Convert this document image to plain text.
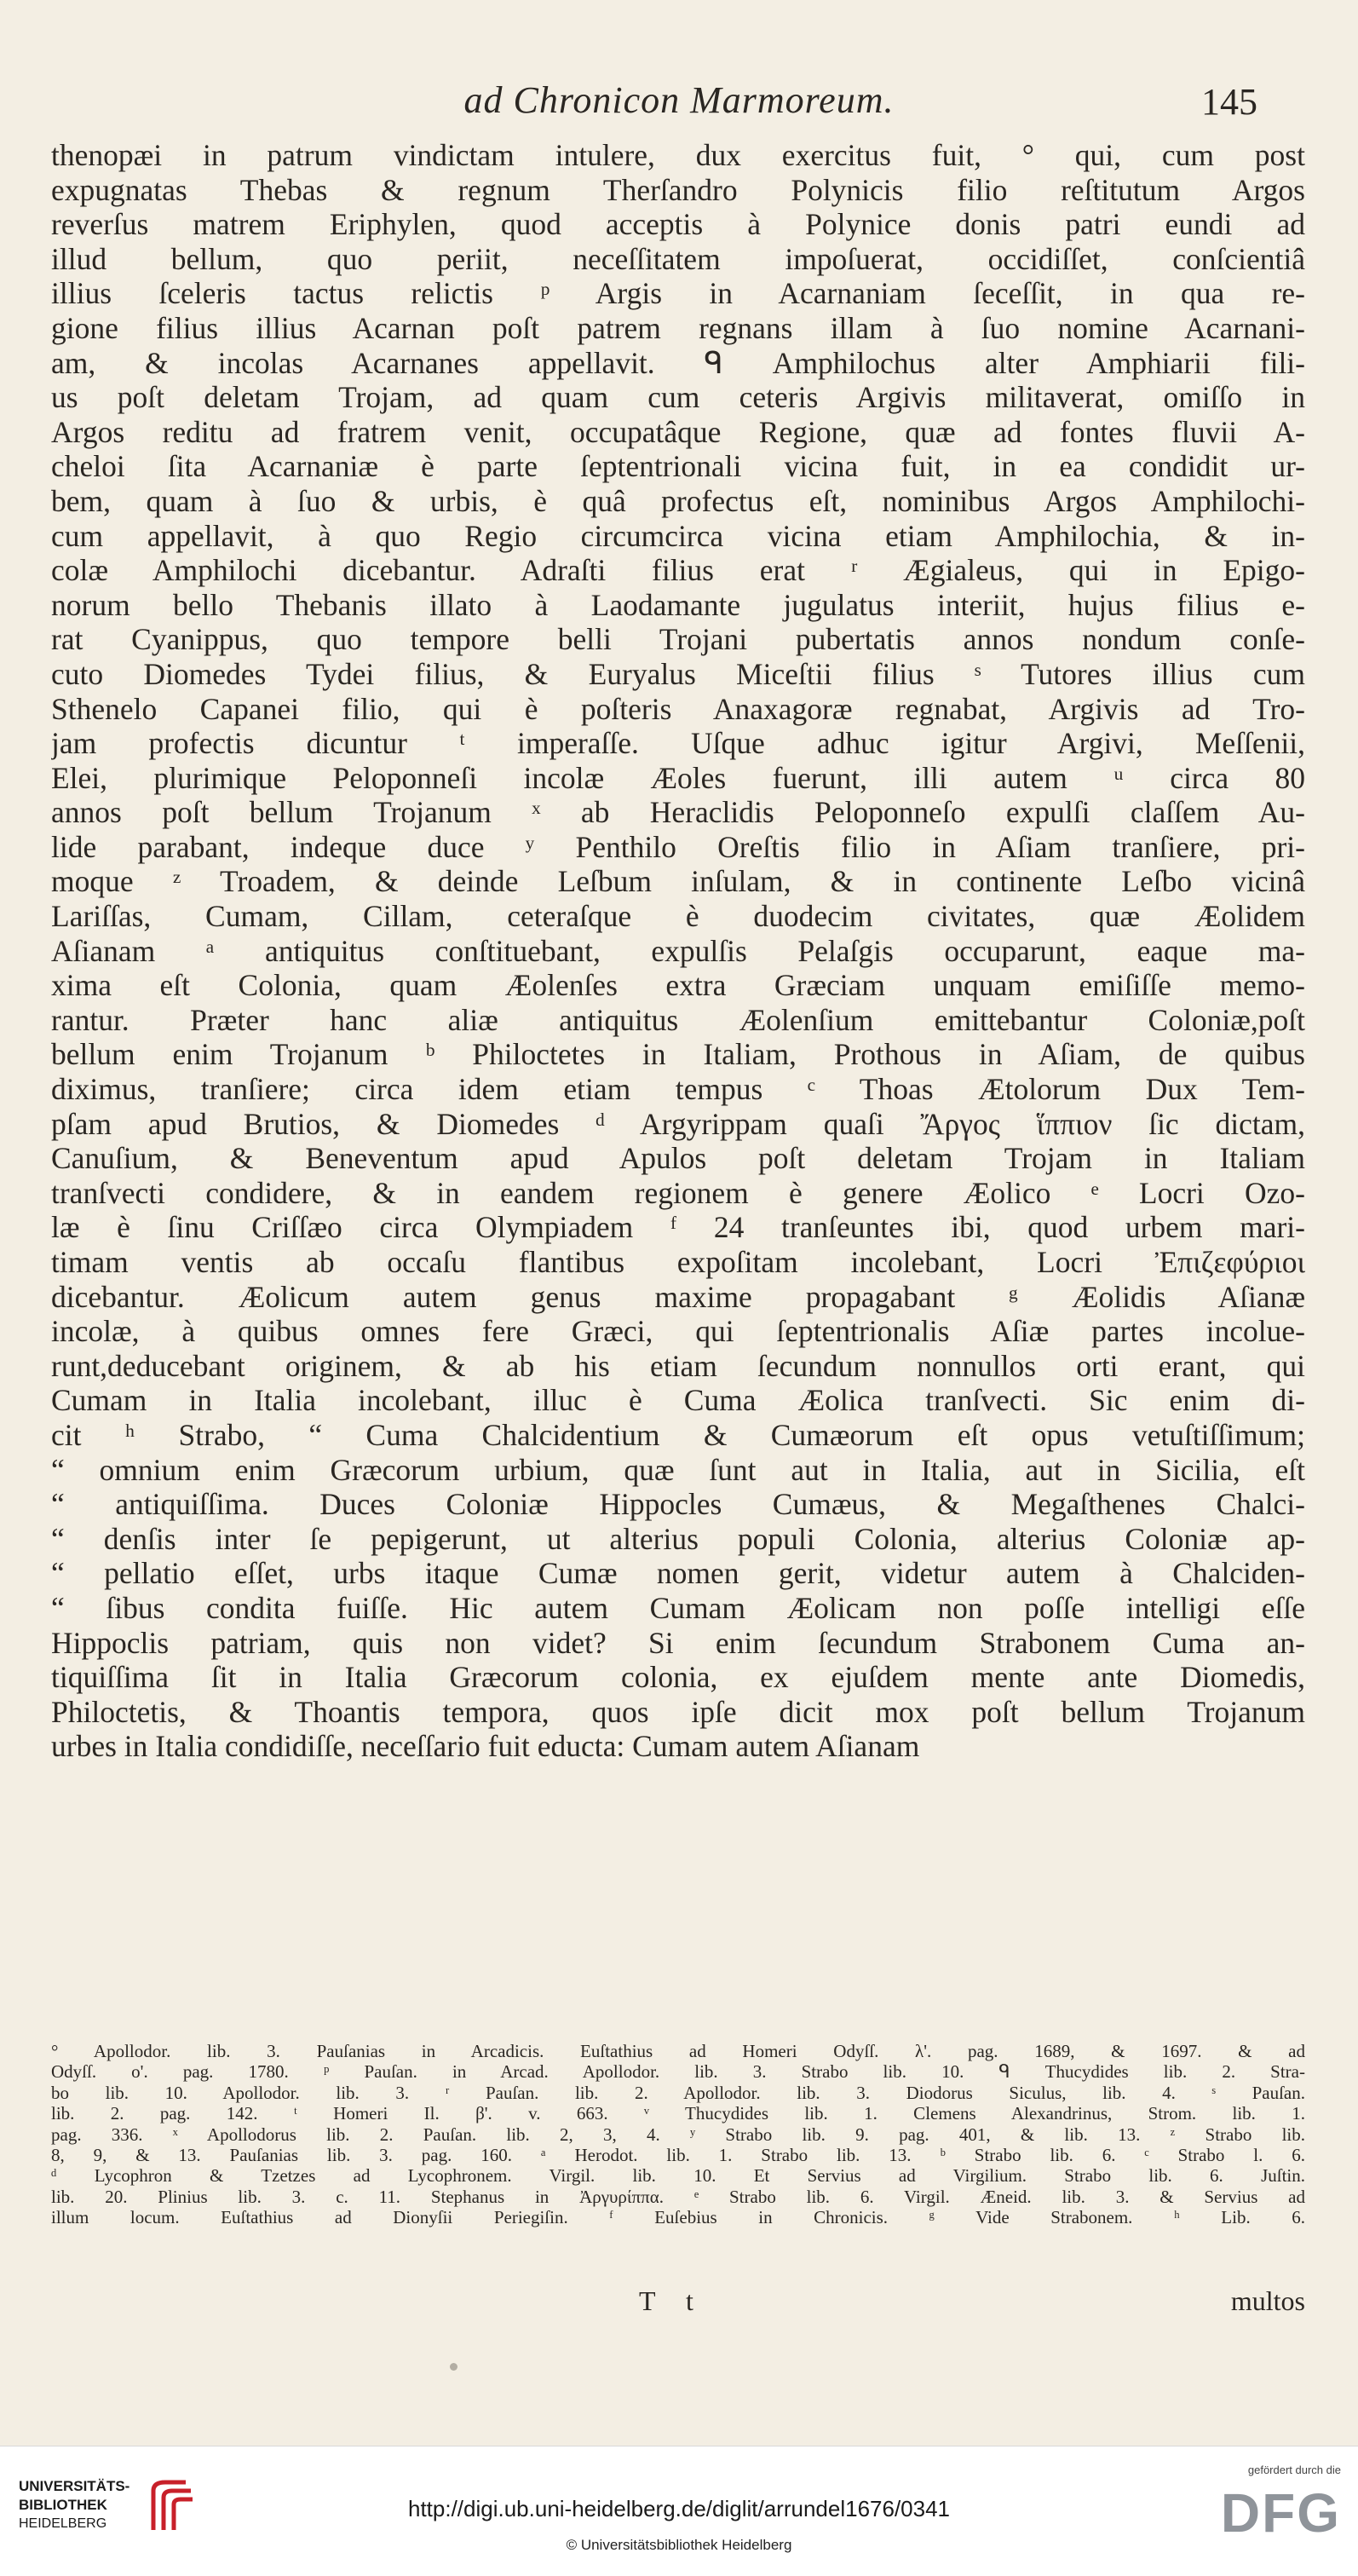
ad Chronicon Marmoreum.	145
thenopæi in patrum vindictam intulere, dux exercitus fuit, ° qui, cum post
expugnatas Thebas & regnum Therſandro Polynicis filio reſtitutum Argos
reverſus matrem Eriphylen, quod acceptis à Polynice donis patri eundi ad
illud bellum, quo periit, neceſſitatem impoſuerat, occidiſſet, conſcientiâ
illius ſceleris tactus relictis ᵖ Argis in Acarnaniam ſeceſſit, in qua re-
gione filius illius Acarnan poſt patrem regnans illam à ſuo nomine Acarnani-
am, & incolas Acarnanes appellavit. ᑫ Amphilochus alter Amphiarii fili-
us poſt deletam Trojam, ad quam cum ceteris Argivis militaverat, omiſſo in
Argos reditu ad fratrem venit, occupatâque Regione, quæ ad fontes fluvii A-
cheloi ſita Acarnaniæ è parte ſeptentrionali vicina fuit, in ea condidit ur-
bem, quam à ſuo & urbis, è quâ profectus eſt, nominibus Argos Amphilochi-
cum appellavit, à quo Regio circumcirca vicina etiam Amphilochia, & in-
colæ Amphilochi dicebantur. Adraſti filius erat ʳ Ægialeus, qui in Epigo-
norum bello Thebanis illato à Laodamante jugulatus interiit, hujus filius e-
rat Cyanippus, quo tempore belli Trojani pubertatis annos nondum conſe-
cuto Diomedes Tydei filius, & Euryalus Miceſtii filius ˢ Tutores illius cum
Sthenelo Capanei filio, qui è poſteris Anaxagoræ regnabat, Argivis ad Tro-
jam profectis dicuntur ᵗ imperaſſe. Uſque adhuc igitur Argivi, Meſſenii,
Elei, plurimique Peloponneſi incolæ Æoles fuerunt, illi autem ᵘ circa 80
annos poſt bellum Trojanum ˣ ab Heraclidis Peloponneſo expulſi claſſem Au-
lide parabant, indeque duce ʸ Penthilo Oreſtis filio in Aſiam tranſiere, pri-
moque ᶻ Troadem, & deinde Leſbum inſulam, & in continente Leſbo vicinâ
Lariſſas, Cumam, Cillam, ceteraſque è duodecim civitates, quæ Æolidem
Aſianam ᵃ antiquitus conſtituebant, expulſis Pelaſgis occuparunt, eaque ma-
xima eſt Colonia, quam Æolenſes extra Græciam unquam emiſiſſe memo-
rantur. Præter hanc aliæ antiquitus Æolenſium emittebantur Coloniæ,poſt
bellum enim Trojanum ᵇ Philoctetes in Italiam, Prothous in Aſiam, de quibus
diximus, tranſiere; circa idem etiam tempus ᶜ Thoas Ætolorum Dux Tem-
pſam apud Brutios, & Diomedes ᵈ Argyrippam quaſi Ἄργος ἵππιον ſic dictam,
Canuſium, & Beneventum apud Apulos poſt deletam Trojam in Italiam
tranſvecti condidere, & in eandem regionem è genere Æolico ᵉ Locri Ozo-
læ è ſinu Criſſæo circa Olympiadem ᶠ 24 tranſeuntes ibi, quod urbem mari-
timam ventis ab occaſu flantibus expoſitam incolebant, Locri Ἐπιζεφύριοι
dicebantur. Æolicum autem genus maxime propagabant ᵍ Æolidis Aſianæ
incolæ, à quibus omnes fere Græci, qui ſeptentrionalis Aſiæ partes incolue-
runt,deducebant originem, & ab his etiam ſecundum nonnullos orti erant, qui
Cumam in Italia incolebant, illuc è Cuma Æolica tranſvecti. Sic enim di-
cit ʰ Strabo, “ Cuma Chalcidentium & Cumæorum eſt opus vetuſtiſſimum;
“ omnium enim Græcorum urbium, quæ ſunt aut in Italia, aut in Sicilia, eſt
“ antiquiſſima. Duces Coloniæ Hippocles Cumæus, & Megaſthenes Chalci-
“ denſis inter ſe pepigerunt, ut alterius populi Colonia, alterius Coloniæ ap-
“ pellatio eſſet, urbs itaque Cumæ nomen gerit, videtur autem à Chalciden-
“ ſibus condita fuiſſe. Hic autem Cumam Æolicam non poſſe intelligi eſſe
Hippoclis patriam, quis non videt? Si enim ſecundum Strabonem Cuma an-
tiquiſſima ſit in Italia Græcorum colonia, ex ejuſdem mente ante Diomedis,
Philoctetis, & Thoantis tempora, quos ipſe dicit mox poſt bellum Trojanum
urbes in Italia condidiſſe, neceſſario fuit educta: Cumam autem Aſianam
° Apollodor. lib. 3. Pauſanias in Arcadicis. Euſtathius ad Homeri Odyſſ. λ'. pag. 1689, & 1697. & ad
Odyſſ. ο'. pag. 1780. ᵖ Pauſan. in Arcad. Apollodor. lib. 3. Strabo lib. 10. ᑫ Thucydides lib. 2. Stra-
bo lib. 10. Apollodor. lib. 3. ʳ Pauſan. lib. 2. Apollodor. lib. 3. Diodorus Siculus, lib. 4. ˢ Pauſan.
lib. 2. pag. 142. ᵗ Homeri Il. β'. v. 663. ᵛ Thucydides lib. 1. Clemens Alexandrinus, Strom. lib. 1.
pag. 336. ˣ Apollodorus lib. 2. Pauſan. lib. 2, 3, 4. ʸ Strabo lib. 9. pag. 401, & lib. 13. ᶻ Strabo lib.
8, 9, & 13. Pauſanias lib. 3. pag. 160. ᵃ Herodot. lib. 1. Strabo lib. 13. ᵇ Strabo lib. 6. ᶜ Strabo l. 6.
ᵈ Lycophron & Tzetzes ad Lycophronem. Virgil. lib. 10. Et Servius ad Virgilium. Strabo lib. 6. Juſtin.
lib. 20. Plinius lib. 3. c. 11. Stephanus in Ἀργυρίππα. ᵉ Strabo lib. 6. Virgil. Æneid. lib. 3. & Servius ad
illum locum. Euſtathius ad Dionyſii Periegiſin. ᶠ Euſebius in Chronicis. ᵍ Vide Strabonem. ʰ Lib. 6.
T t	multos
UNIVERSITÄTS-
BIBLIOTHEK
HEIDELBERG
http://digi.ub.uni-heidelberg.de/diglit/arrundel1676/0341
© Universitätsbibliothek Heidelberg
gefördert durch die
DFG
